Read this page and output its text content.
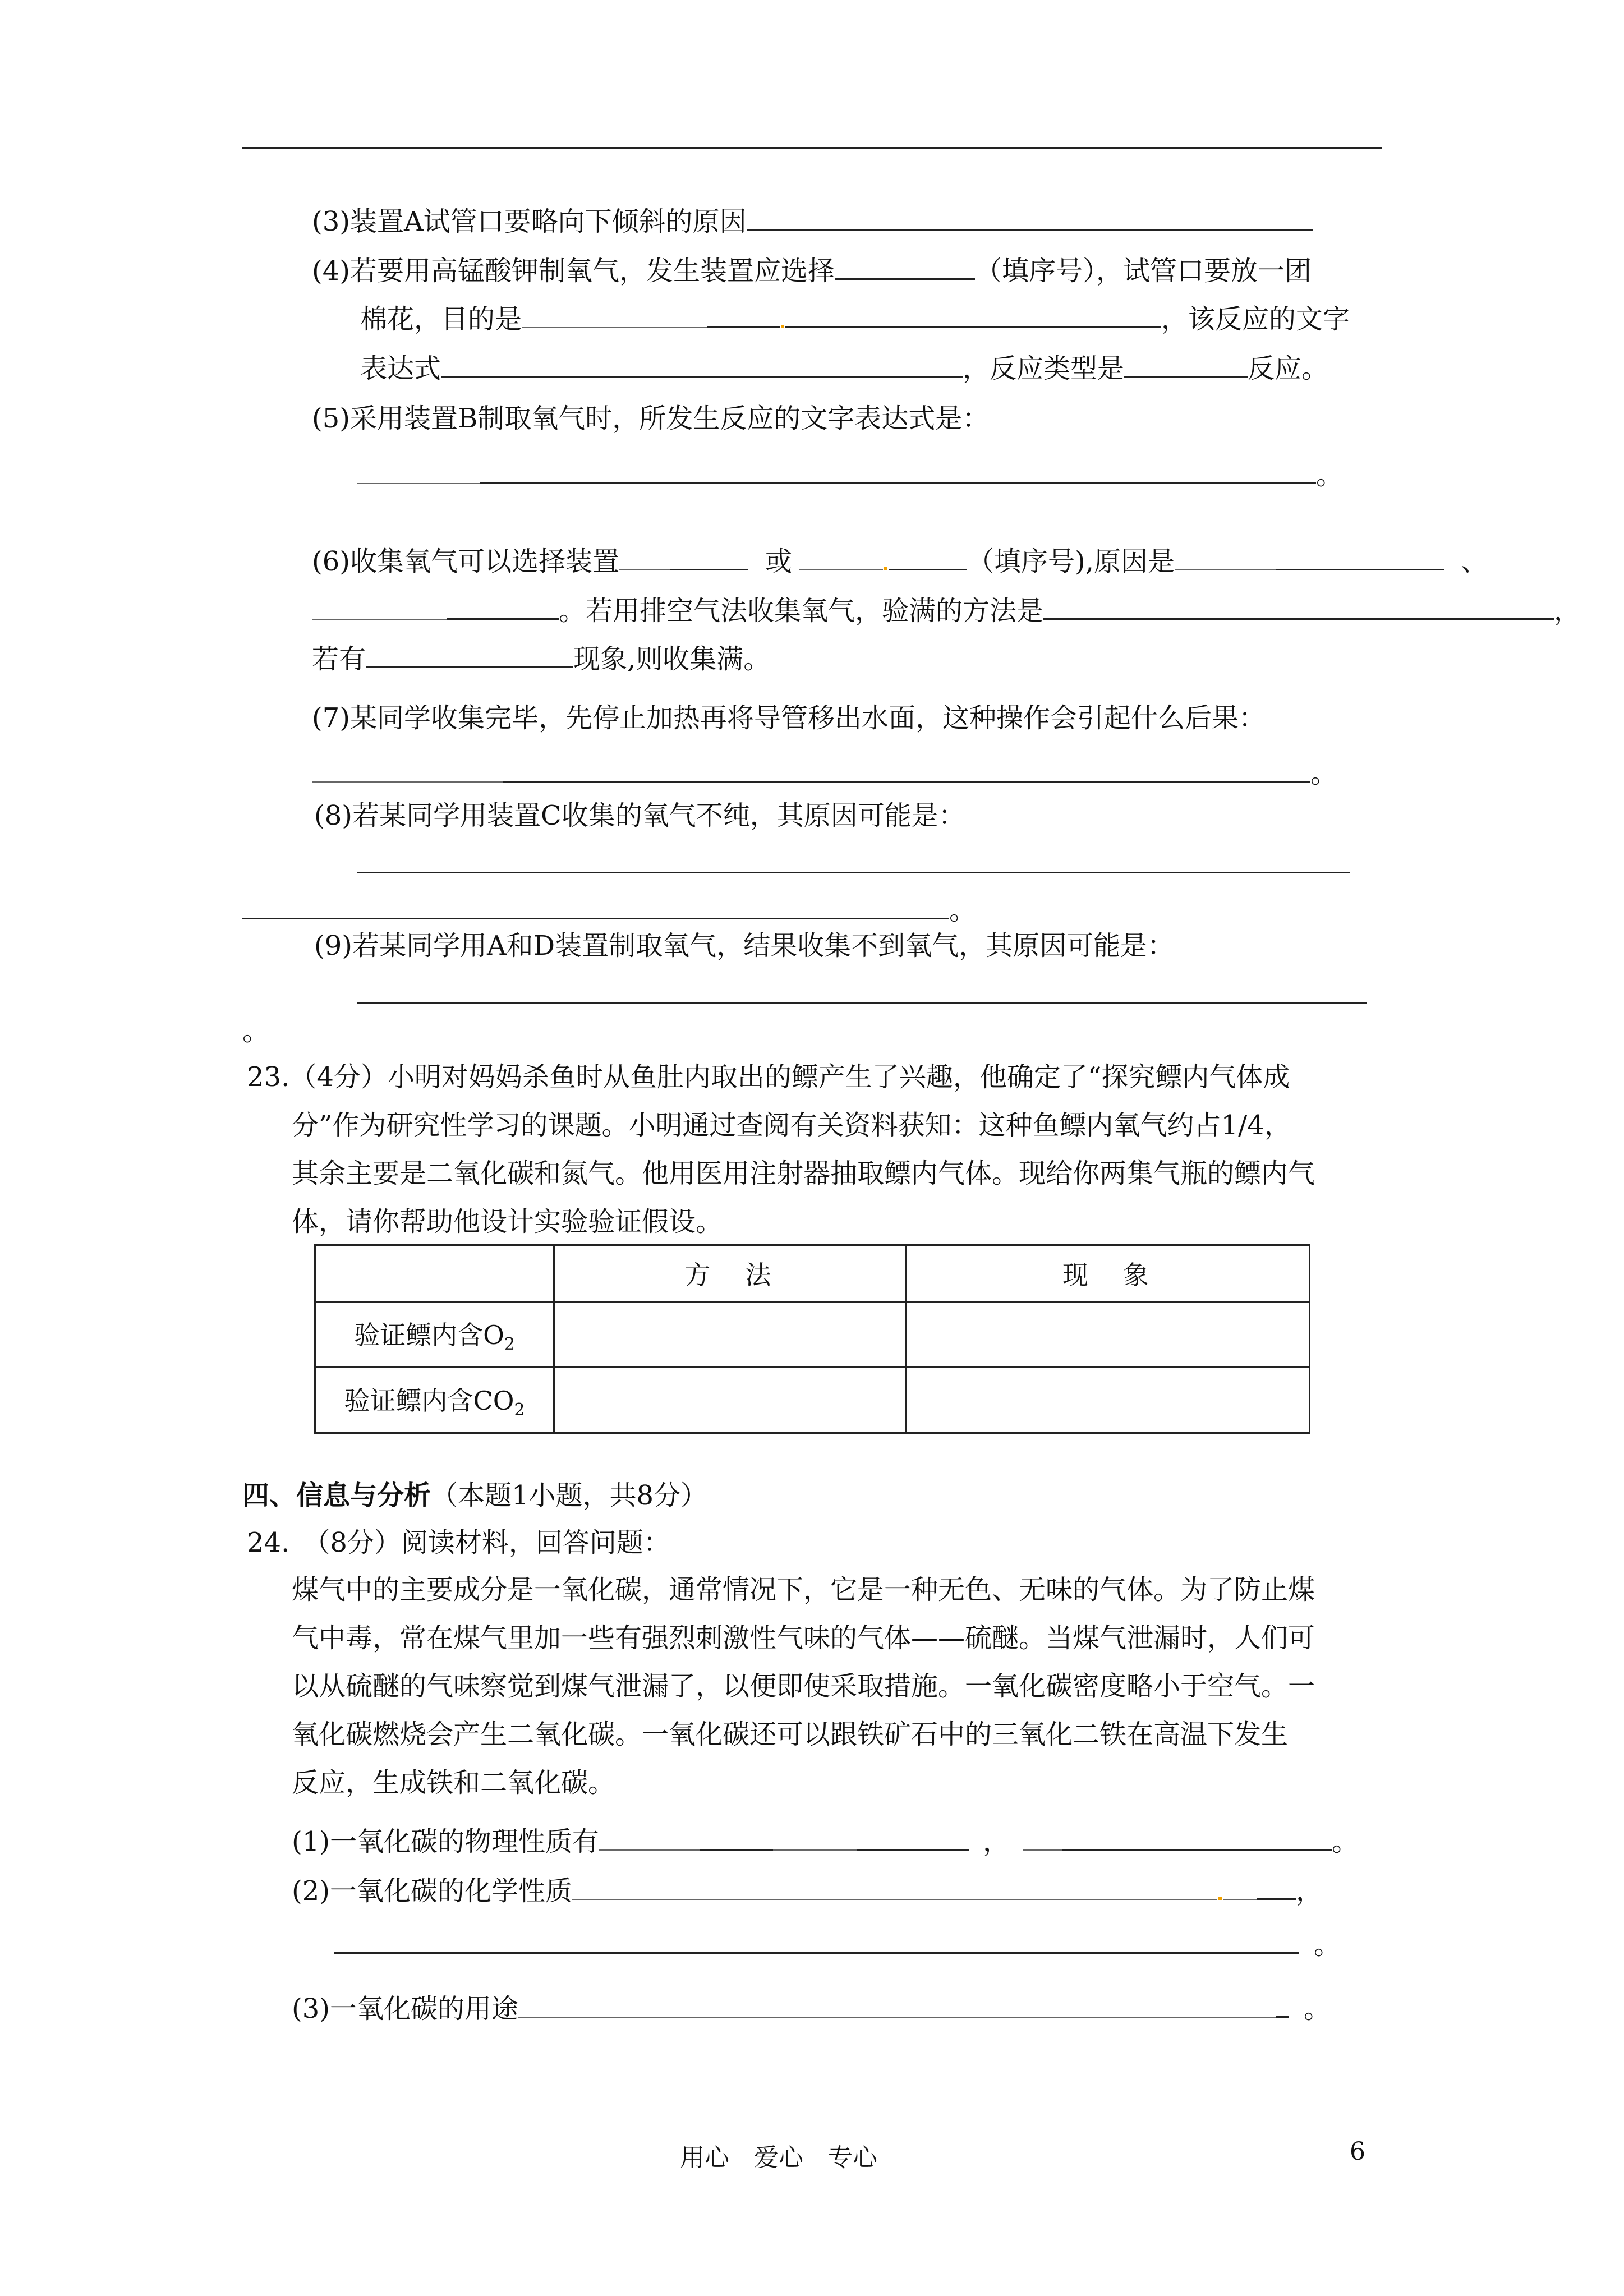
(3)装置A试管口要略向下倾斜的原因
(4)若要用高锰酸钾制氧气，发生装置应选择	（填序号），试管口要放一团
棉花，目的是	，该反应的文字
表达式	，反应类型是	反应。
(5)采用装置B制取氧气时，所发生反应的文字表达式是：
。
(6)收集氧气可以选择装置	或	（填序号),原因是	、
。若用排空气法收集氧气，验满的方法是	，
若有	现象,则收集满。
(7)某同学收集完毕，先停止加热再将导管移出水面，这种操作会引起什么后果：
。
(8)若某同学用装置C收集的氧气不纯，其原因可能是：
。
(9)若某同学用A和D装置制取氧气，结果收集不到氧气，其原因可能是：
。
23.（4分）小明对妈妈杀鱼时从鱼肚内取出的鳔产生了兴趣，他确定了“探究鳔内气体成
分”作为研究性学习的课题。小明通过查阅有关资料获知：这种鱼鳔内氧气约占1/4，
其余主要是二氧化碳和氮气。他用医用注射器抽取鳔内气体。现给你两集气瓶的鳔内气
体，请你帮助他设计实验验证假设。
	方　法	现　象
验证鳔内含$O_2$		
验证鳔内含$CO_2$		
四、信息与分析（本题1小题，共8分）
24.　（8分）阅读材料，回答问题：
煤气中的主要成分是一氧化碳，通常情况下，它是一种无色、无味的气体。为了防止煤
气中毒，常在煤气里加一些有强烈刺激性气味的气体——硫醚。当煤气泄漏时，人们可
以从硫醚的气味察觉到煤气泄漏了，以便即使采取措施。一氧化碳密度略小于空气。一
氧化碳燃烧会产生二氧化碳。一氧化碳还可以跟铁矿石中的三氧化二铁在高温下发生
反应，生成铁和二氧化碳。
(1)一氧化碳的物理性质有	，	。
(2)一氧化碳的化学性质	，
。
(3)一氧化碳的用途	。
用心　爱心　专心	6
